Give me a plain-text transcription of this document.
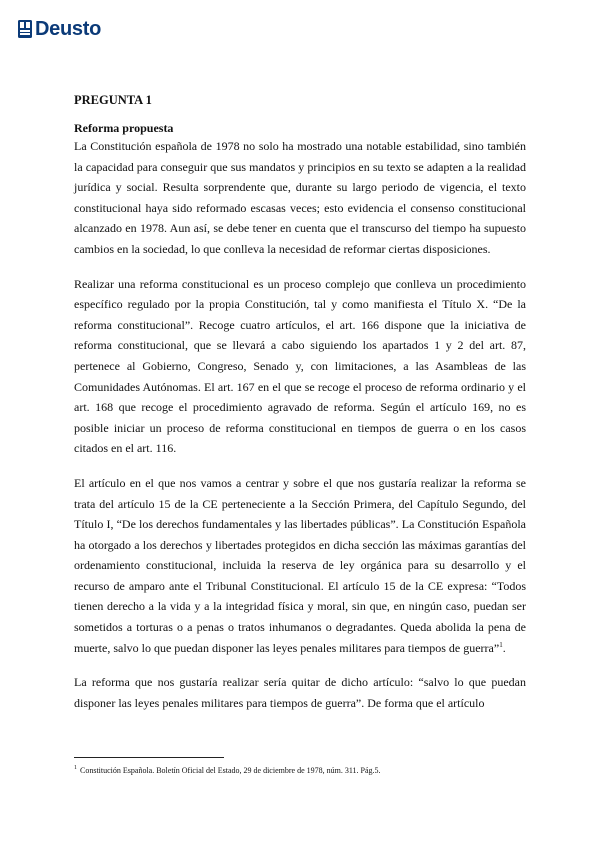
Deusto

PREGUNTA 1

Reforma propuesta

La Constitución española de 1978 no solo ha mostrado una notable estabilidad, sino también la capacidad para conseguir que sus mandatos y principios en su texto se adapten a la realidad jurídica y social. Resulta sorprendente que, durante su largo periodo de vigencia, el texto constitucional haya sido reformado escasas veces; esto evidencia el consenso constitucional alcanzado en 1978. Aun así, se debe tener en cuenta que el transcurso del tiempo ha supuesto cambios en la sociedad, lo que conlleva la necesidad de reformar ciertas disposiciones.

Realizar una reforma constitucional es un proceso complejo que conlleva un procedimiento específico regulado por la propia Constitución, tal y como manifiesta el Título X. “De la reforma constitucional”. Recoge cuatro artículos, el art. 166 dispone que la iniciativa de reforma constitucional, que se llevará a cabo siguiendo los apartados 1 y 2 del art. 87, pertenece al Gobierno, Congreso, Senado y, con limitaciones, a las Asambleas de las Comunidades Autónomas. El art. 167 en el que se recoge el proceso de reforma ordinario y el art. 168 que recoge el procedimiento agravado de reforma. Según el artículo 169, no es posible iniciar un proceso de reforma constitucional en tiempos de guerra o en los casos citados en el art. 116.

El artículo en el que nos vamos a centrar y sobre el que nos gustaría realizar la reforma se trata del artículo 15 de la CE perteneciente a la Sección Primera, del Capítulo Segundo, del Título I, “De los derechos fundamentales y las libertades públicas”. La Constitución Española ha otorgado a los derechos y libertades protegidos en dicha sección las máximas garantías del ordenamiento constitucional, incluida la reserva de ley orgánica para su desarrollo y el recurso de amparo ante el Tribunal Constitucional. El artículo 15 de la CE expresa: “Todos tienen derecho a la vida y a la integridad física y moral, sin que, en ningún caso, puedan ser sometidos a torturas o a penas o tratos inhumanos o degradantes. Queda abolida la pena de muerte, salvo lo que puedan disponer las leyes penales militares para tiempos de guerra”$^1$.

La reforma que nos gustaría realizar sería quitar de dicho artículo: “salvo lo que puedan disponer las leyes penales militares para tiempos de guerra”. De forma que el artículo

$^1$ Constitución Española. Boletín Oficial del Estado, 29 de diciembre de 1978, núm. 311. Pág.5.
